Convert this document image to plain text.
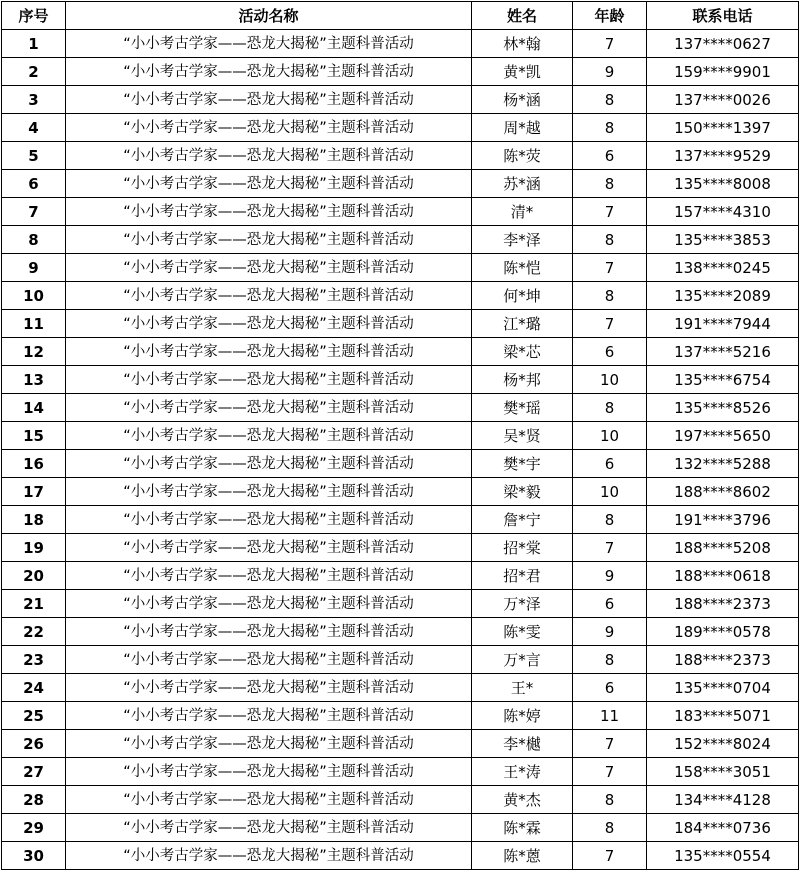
序号	活动名称	姓名	年龄	联系电话
1	“小小考古学家——恐龙大揭秘”主题科普活动	林*翰	7	137****0627
2	“小小考古学家——恐龙大揭秘”主题科普活动	黄*凯	9	159****9901
3	“小小考古学家——恐龙大揭秘”主题科普活动	杨*涵	8	137****0026
4	“小小考古学家——恐龙大揭秘”主题科普活动	周*越	8	150****1397
5	“小小考古学家——恐龙大揭秘”主题科普活动	陈*荧	6	137****9529
6	“小小考古学家——恐龙大揭秘”主题科普活动	苏*涵	8	135****8008
7	“小小考古学家——恐龙大揭秘”主题科普活动	清*	7	157****4310
8	“小小考古学家——恐龙大揭秘”主题科普活动	李*泽	8	135****3853
9	“小小考古学家——恐龙大揭秘”主题科普活动	陈*恺	7	138****0245
10	“小小考古学家——恐龙大揭秘”主题科普活动	何*坤	8	135****2089
11	“小小考古学家——恐龙大揭秘”主题科普活动	江*璐	7	191****7944
12	“小小考古学家——恐龙大揭秘”主题科普活动	梁*芯	6	137****5216
13	“小小考古学家——恐龙大揭秘”主题科普活动	杨*邦	10	135****6754
14	“小小考古学家——恐龙大揭秘”主题科普活动	樊*瑶	8	135****8526
15	“小小考古学家——恐龙大揭秘”主题科普活动	吴*贤	10	197****5650
16	“小小考古学家——恐龙大揭秘”主题科普活动	樊*宇	6	132****5288
17	“小小考古学家——恐龙大揭秘”主题科普活动	梁*毅	10	188****8602
18	“小小考古学家——恐龙大揭秘”主题科普活动	詹*宁	8	191****3796
19	“小小考古学家——恐龙大揭秘”主题科普活动	招*棠	7	188****5208
20	“小小考古学家——恐龙大揭秘”主题科普活动	招*君	9	188****0618
21	“小小考古学家——恐龙大揭秘”主题科普活动	万*泽	6	188****2373
22	“小小考古学家——恐龙大揭秘”主题科普活动	陈*雯	9	189****0578
23	“小小考古学家——恐龙大揭秘”主题科普活动	万*言	8	188****2373
24	“小小考古学家——恐龙大揭秘”主题科普活动	王*	6	135****0704
25	“小小考古学家——恐龙大揭秘”主题科普活动	陈*婷	11	183****5071
26	“小小考古学家——恐龙大揭秘”主题科普活动	李*樾	7	152****8024
27	“小小考古学家——恐龙大揭秘”主题科普活动	王*涛	7	158****3051
28	“小小考古学家——恐龙大揭秘”主题科普活动	黄*杰	8	134****4128
29	“小小考古学家——恐龙大揭秘”主题科普活动	陈*霖	8	184****0736
30	“小小考古学家——恐龙大揭秘”主题科普活动	陈*蒽	7	135****0554
